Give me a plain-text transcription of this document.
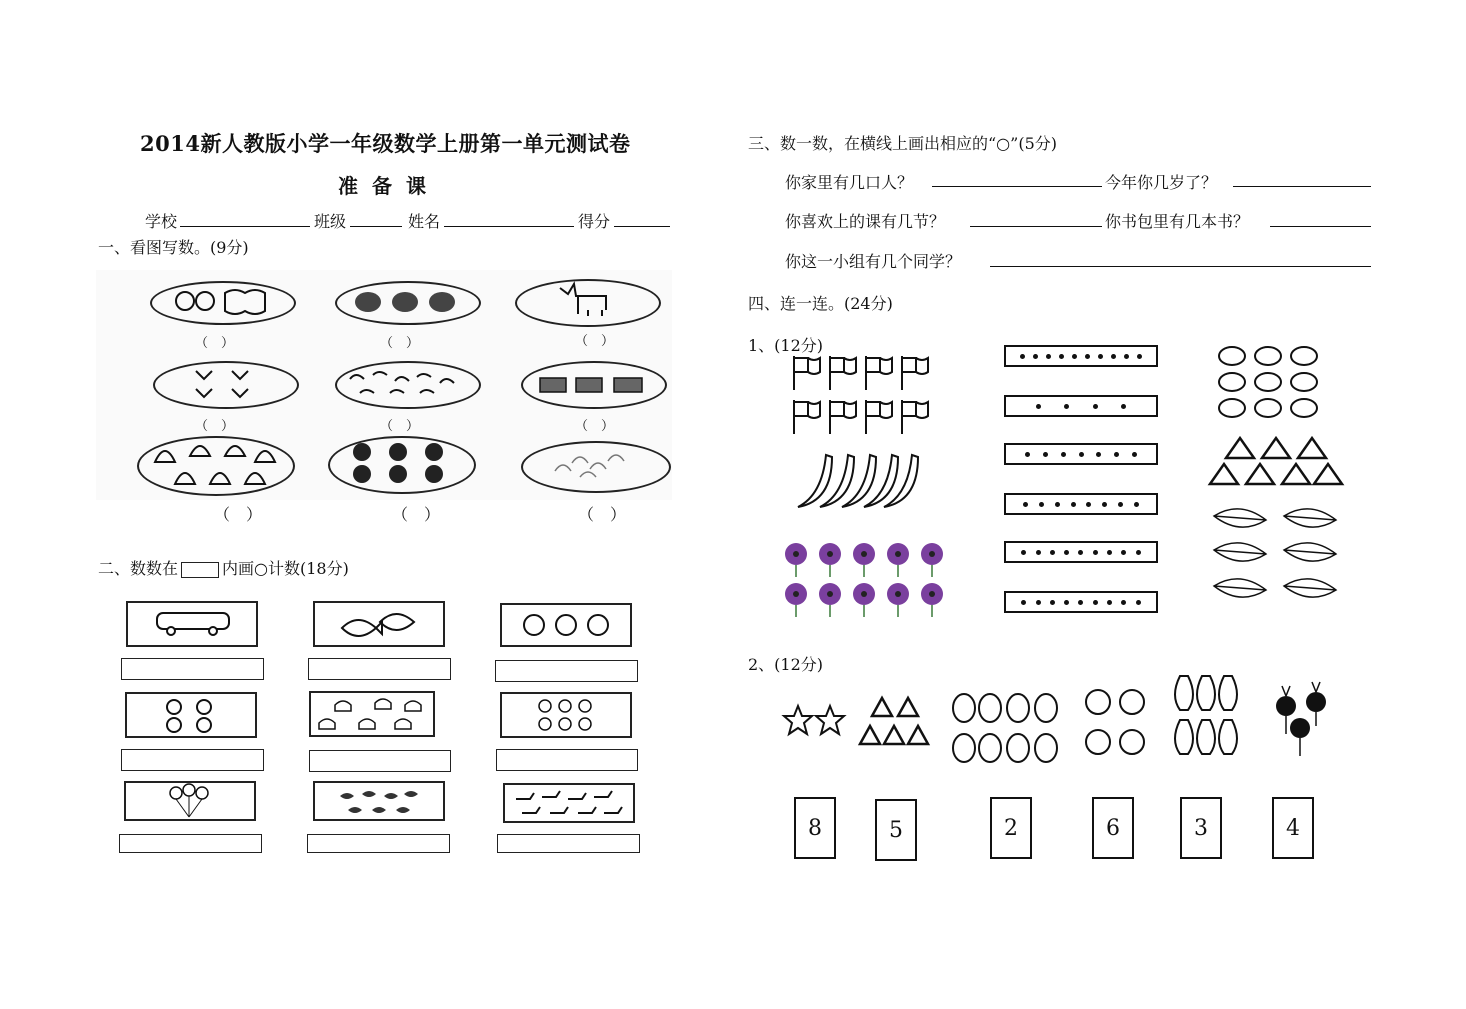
2014新人教版小学一年级数学上册第一单元测试卷
准备课
学校	班级	姓名	得分
一、看图写数。(9分)
（　）	（　）	（　）
（　）	（　）	（　）
（　）	（　）	（　）
二、数数在	内画○计数(18分)
三、数一数，在横线上画出相应的“○”(5分)
你家里有几口人？	今年你几岁了？
你喜欢上的课有几节？	你书包里有几本书？
你这一小组有几个同学？
四、连一连。(24分)
1、(12分)
2、(12分)
8	5	2	6	3	4
